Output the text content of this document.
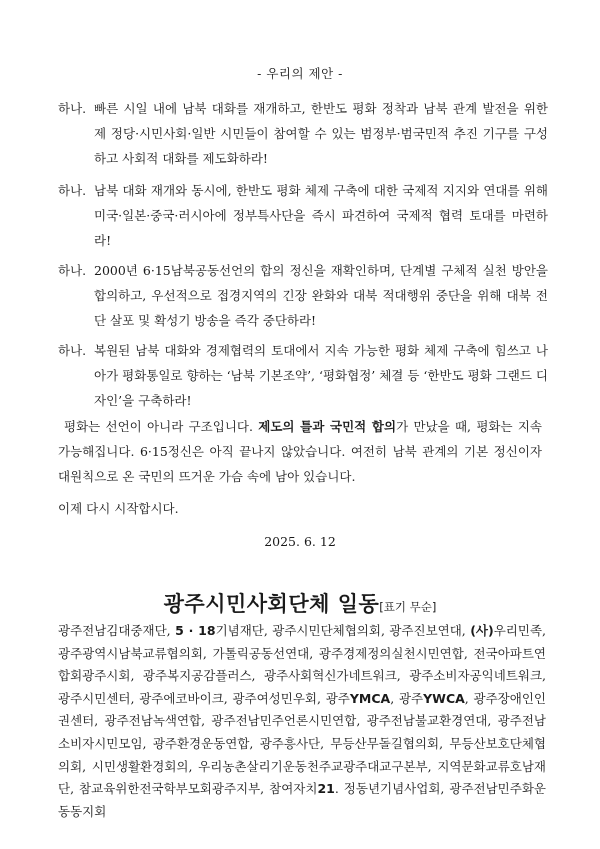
- 우리의 제안 -
하나. 빠른 시일 내에 남북 대화를 재개하고, 한반도 평화 정착과 남북 관계 발전을 위한 제 정당·시민사회·일반 시민들이 참여할 수 있는 범정부·범국민적 추진 기구를 구성하고 사회적 대화를 제도화하라!
하나. 남북 대화 재개와 동시에, 한반도 평화 체제 구축에 대한 국제적 지지와 연대를 위해 미국·일본·중국·러시아에 정부특사단을 즉시 파견하여 국제적 협력 토대를 마련하라!
하나. 2000년 6·15남북공동선언의 합의 정신을 재확인하며, 단계별 구체적 실천 방안을 합의하고, 우선적으로 접경지역의 긴장 완화와 대북 적대행위 중단을 위해 대북 전단 살포 및 확성기 방송을 즉각 중단하라!
하나. 복원된 남북 대화와 경제협력의 토대에서 지속 가능한 평화 체제 구축에 힘쓰고 나아가 평화통일로 향하는 ‘남북 기본조약’, ‘평화협정’ 체결 등 ‘한반도 평화 그랜드 디자인’을 구축하라!
평화는 선언이 아니라 구조입니다. 제도의 틀과 국민적 합의가 만났을 때, 평화는 지속 가능해집니다. 6·15정신은 아직 끝나지 않았습니다. 여전히 남북 관계의 기본 정신이자 대원칙으로 온 국민의 뜨거운 가슴 속에 남아 있습니다.
이제 다시 시작합시다.
2025. 6. 12
광주시민사회단체 일동[표기 무순]
광주전남김대중재단, 5 · 18기념재단, 광주시민단체협의회, 광주진보연대, (사)우리민족, 광주광역시남북교류협의회, 가톨릭공동선연대, 광주경제정의실천시민연합, 전국아파트연합회광주시회, 광주복지공감플러스, 광주사회혁신가네트워크, 광주소비자공익네트워크, 광주시민센터, 광주에코바이크, 광주여성민우회, 광주YMCA, 광주YWCA, 광주장애인인권센터, 광주전남녹색연합, 광주전남민주언론시민연합, 광주전남불교환경연대, 광주전남소비자시민모임, 광주환경운동연합, 광주흥사단, 무등산무돌길협의회, 무등산보호단체협의회, 시민생활환경회의, 우리농촌살리기운동천주교광주대교구본부, 지역문화교류호남재단, 참교육위한전국학부모회광주지부, 참여자치21. 정동년기념사업회, 광주전남민주화운동동지회
